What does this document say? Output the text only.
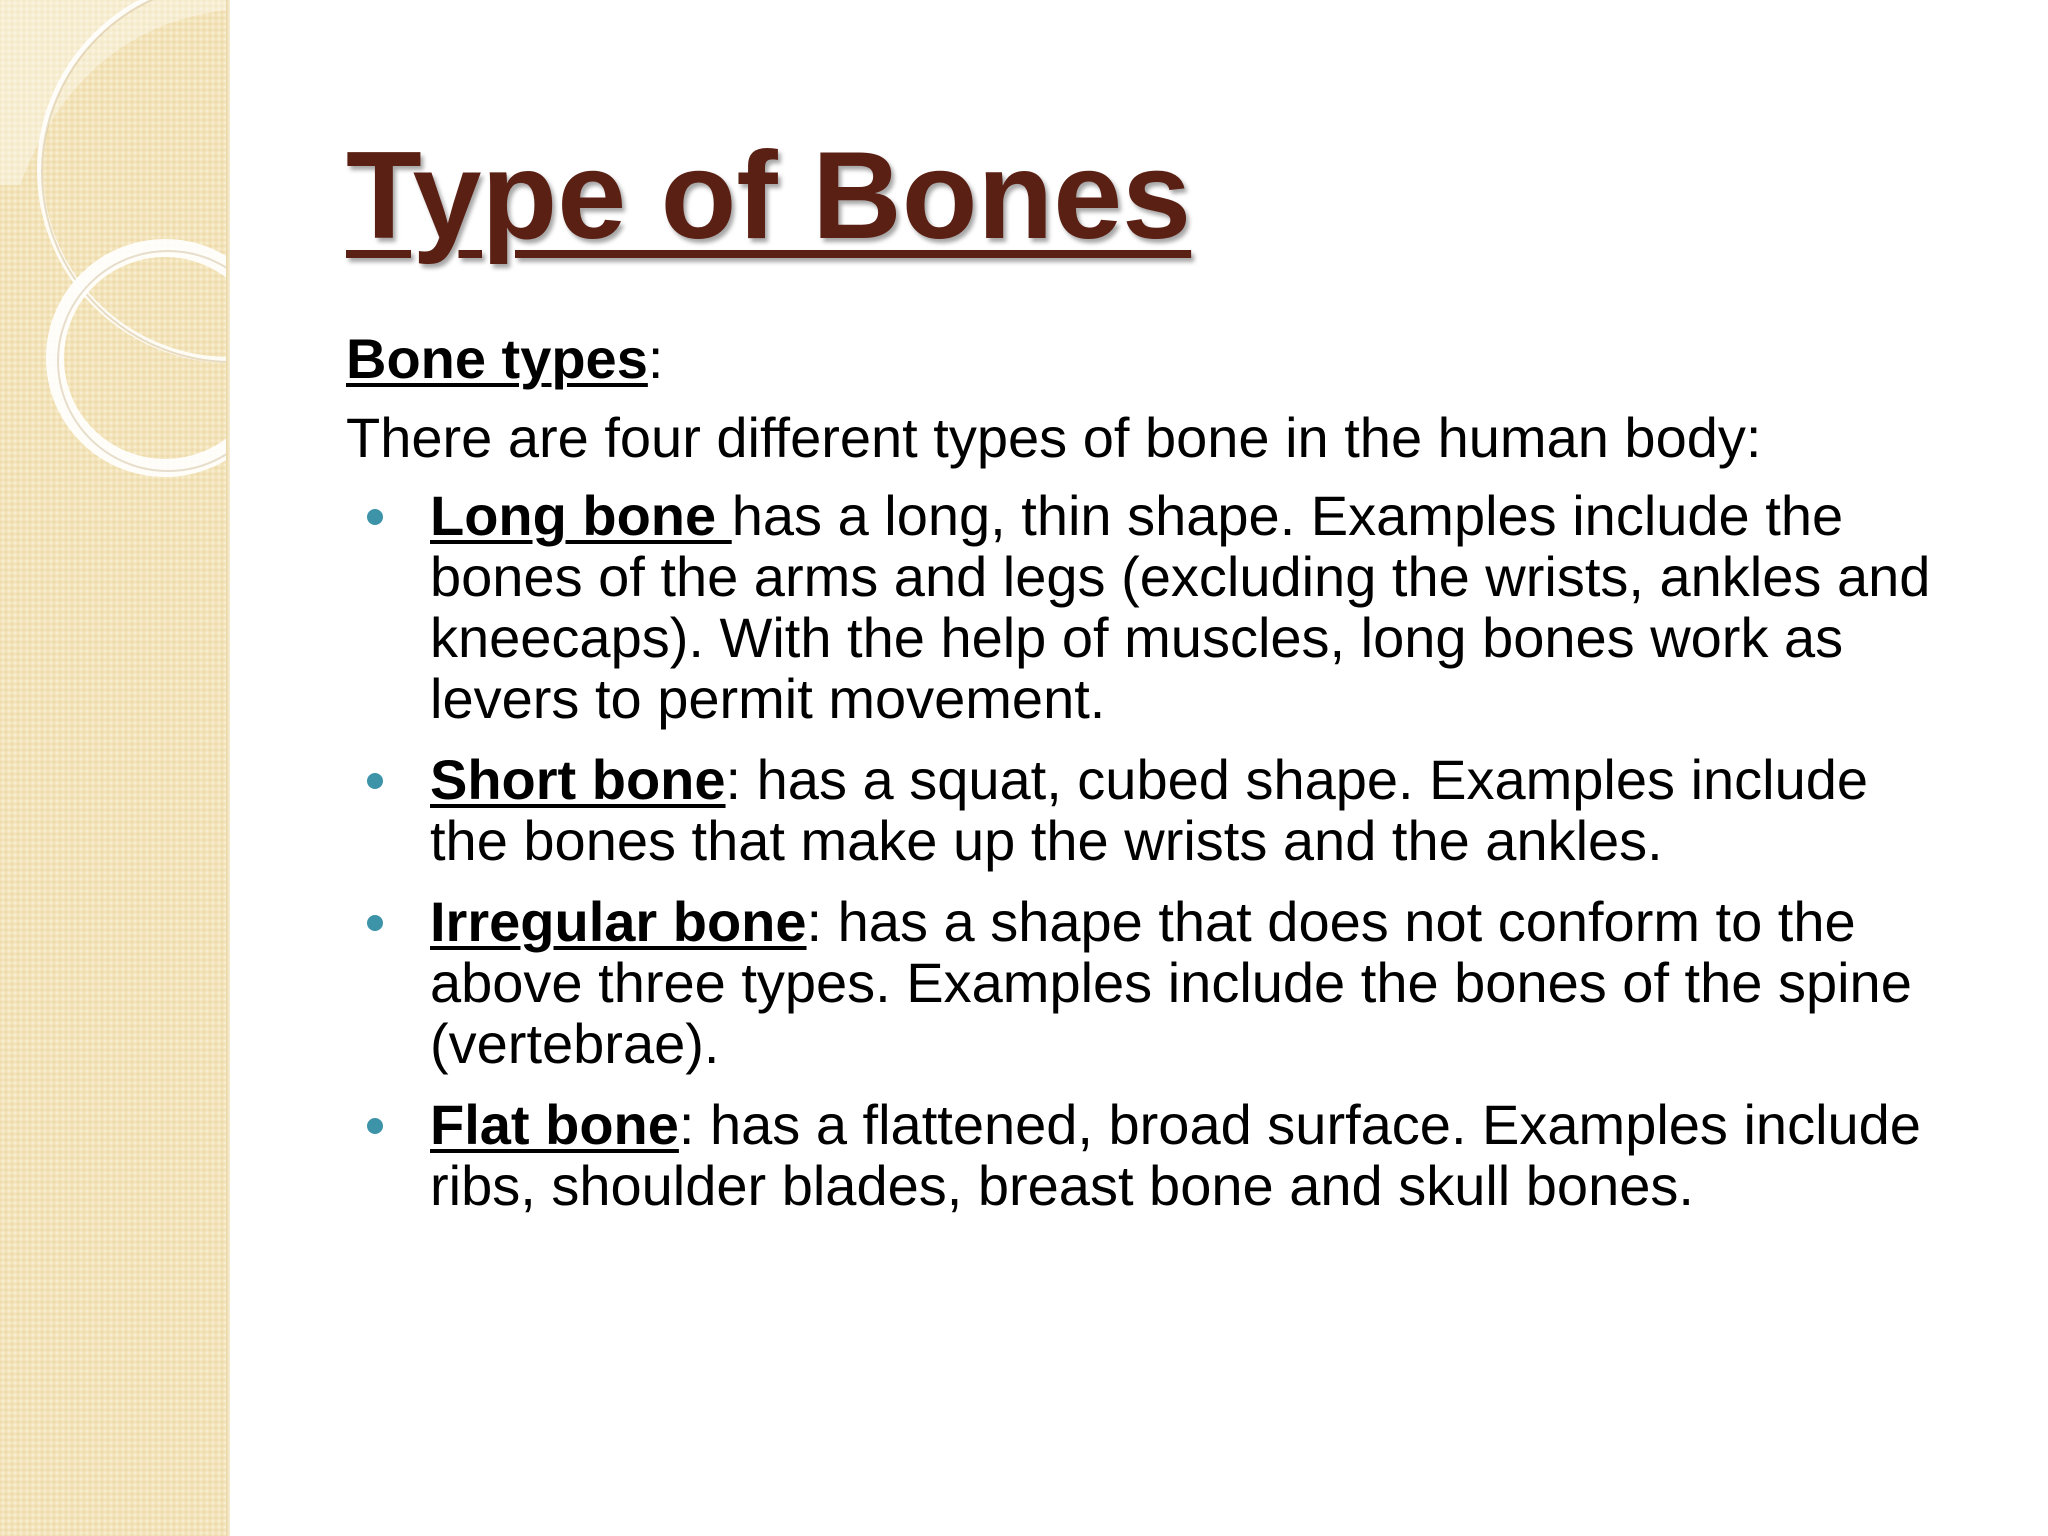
Type of Bones
Bone types:
There are four different types of bone in the human body:
Long bone has a long, thin shape. Examples include the bones of the arms and legs (excluding the wrists, ankles and kneecaps). With the help of muscles, long bones work as levers to permit movement.
Short bone: has a squat, cubed shape. Examples include the bones that make up the wrists and the ankles.
Irregular bone: has a shape that does not conform to the above three types. Examples include the bones of the spine (vertebrae).
Flat bone: has a flattened, broad surface. Examples include ribs, shoulder blades, breast bone and skull bones.
